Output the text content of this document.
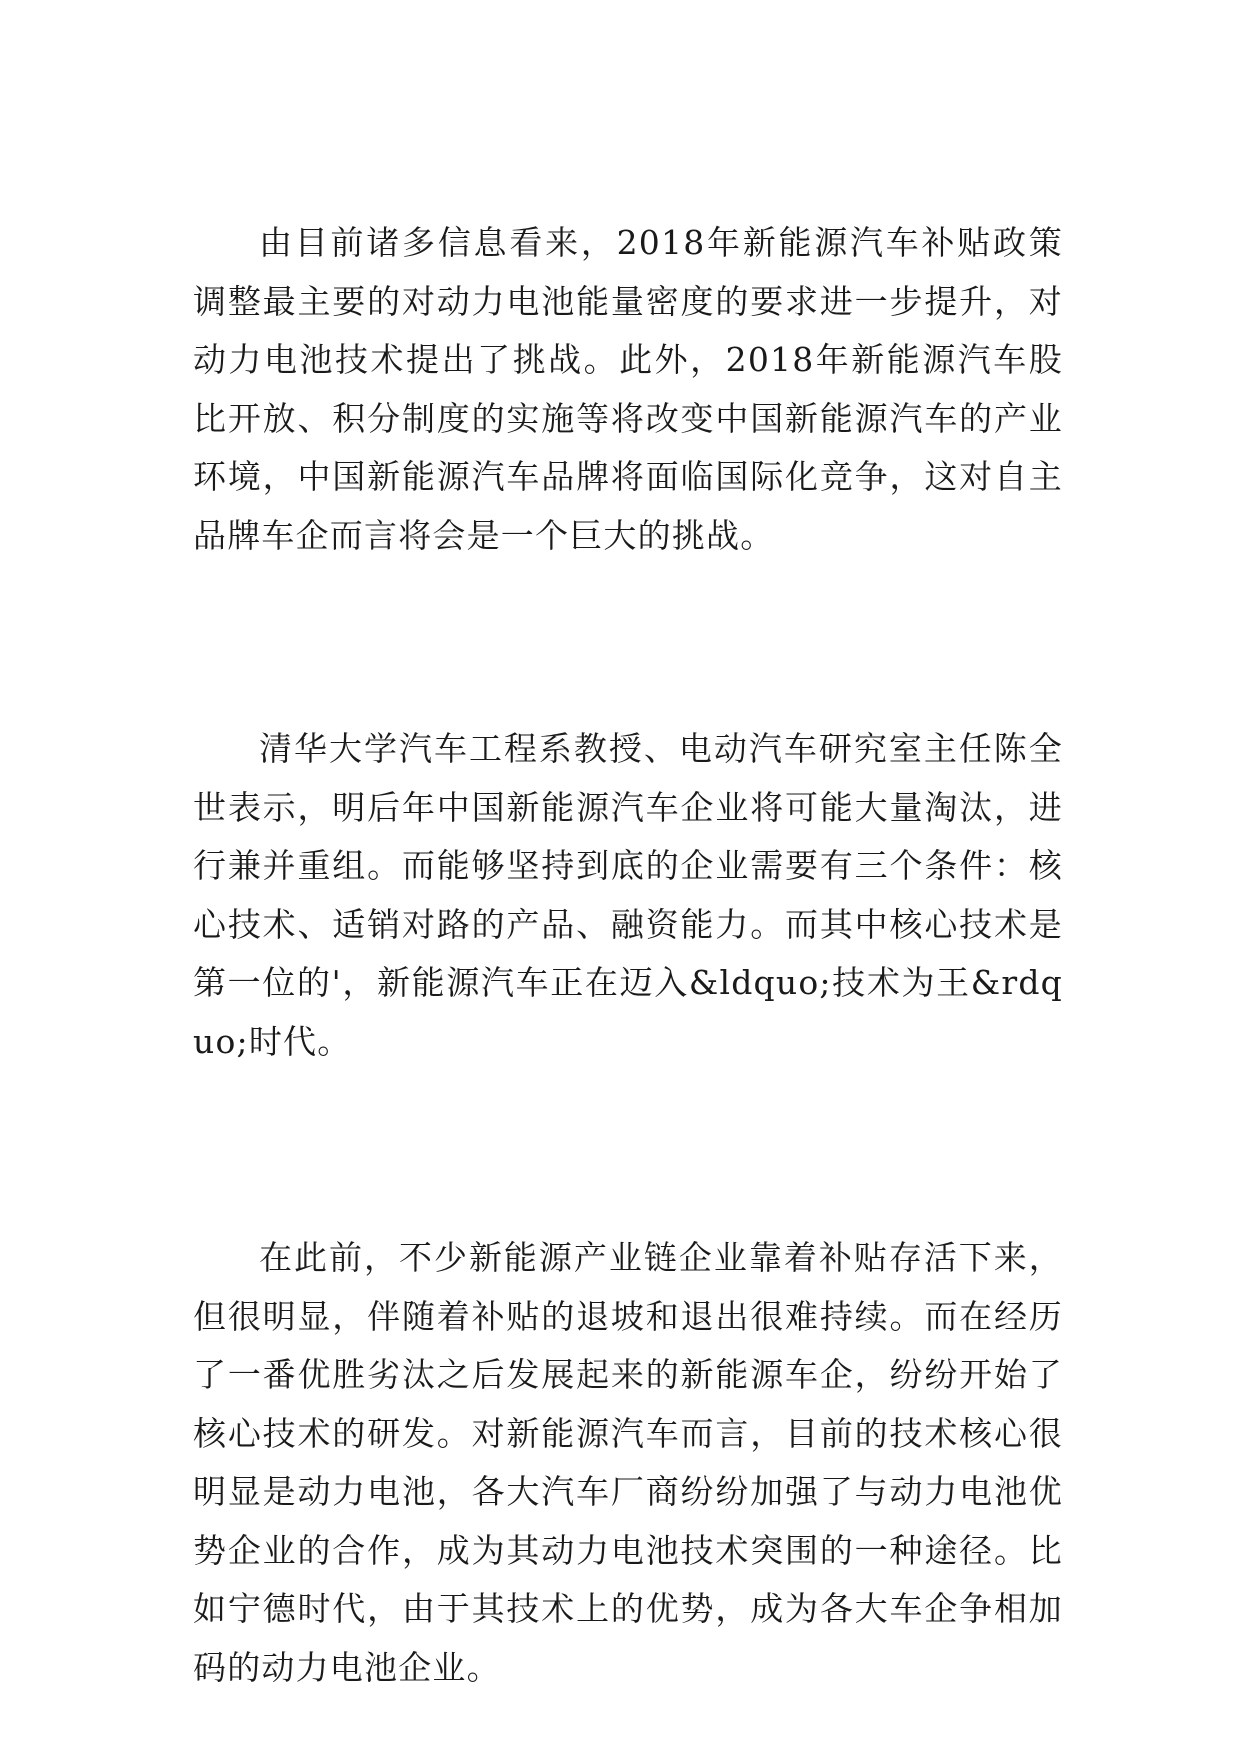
由目前诸多信息看来，2018年新能源汽车补贴政策调整最主要的对动力电池能量密度的要求进一步提升，对动力电池技术提出了挑战。此外，2018年新能源汽车股比开放、积分制度的实施等将改变中国新能源汽车的产业环境，中国新能源汽车品牌将面临国际化竞争，这对自主品牌车企而言将会是一个巨大的挑战。

清华大学汽车工程系教授、电动汽车研究室主任陈全世表示，明后年中国新能源汽车企业将可能大量淘汰，进行兼并重组。而能够坚持到底的企业需要有三个条件：核心技术、适销对路的产品、融资能力。而其中核心技术是第一位的'，新能源汽车正在迈入&ldquo;技术为王&rdquo;时代。

在此前，不少新能源产业链企业靠着补贴存活下来，但很明显，伴随着补贴的退坡和退出很难持续。而在经历了一番优胜劣汰之后发展起来的新能源车企，纷纷开始了核心技术的研发。对新能源汽车而言，目前的技术核心很明显是动力电池，各大汽车厂商纷纷加强了与动力电池优势企业的合作，成为其动力电池技术突围的一种途径。比如宁德时代，由于其技术上的优势，成为各大车企争相加码的动力电池企业。
